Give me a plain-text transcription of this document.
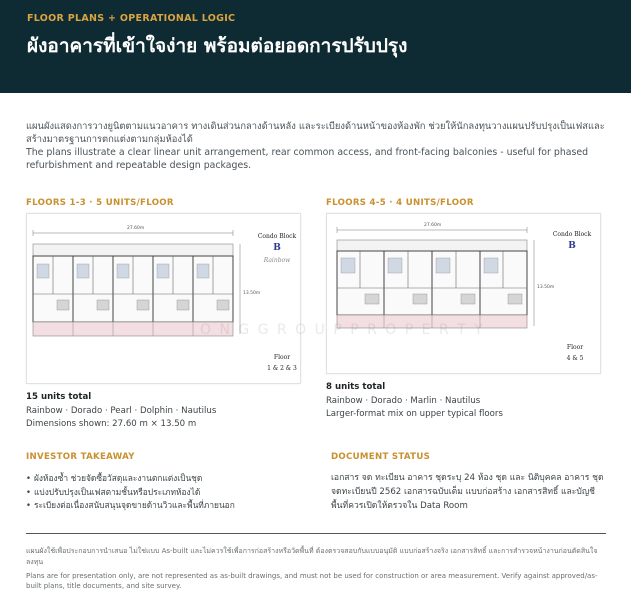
FLOOR PLANS + OPERATIONAL LOGIC
ผังอาคารที่เข้าใจง่าย พร้อมต่อยอดการปรับปรุง

แผนผังแสดงการวางยูนิตตามแนวอาคาร ทางเดินส่วนกลางด้านหลัง และระเบียงด้านหน้าของห้องพัก ช่วยให้นักลงทุนวางแผนปรับปรุงเป็นเฟสและสร้างมาตรฐานการตกแต่งตามกลุ่มห้องได้

The plans illustrate a clear linear unit arrangement, rear common access, and front-facing balconies - useful for phased refurbishment and repeatable design packages.

FLOORS 1-3 · 5 UNITS/FLOOR
27.60m
13.50m
Condo Block
B
Rainbow
Floor
1 & 2 & 3
15 units total
Rainbow · Dorado · Pearl · Dolphin · Nautilus
Dimensions shown: 27.60 m × 13.50 m
FLOORS 4-5 · 4 UNITS/FLOOR
27.60m
13.50m
Condo Block
B
Floor
4 & 5
8 units total
Rainbow · Dorado · Marlin · Nautilus
Larger-format mix on upper typical floors
O N G G R O U P P R O P E R T Y
INVESTOR TAKEAWAY
• ผังห้องซ้ำ ช่วยจัดซื้อวัสดุและงานตกแต่งเป็นชุด
• แบ่งปรับปรุงเป็นเฟสตามชั้นหรือประเภทห้องได้
• ระเบียงต่อเนื่องสนับสนุนจุดขายด้านวิวและพื้นที่ภายนอก
DOCUMENT STATUS
เอกสาร จด ทะเบียน อาคาร ชุดระบุ 24 ห้อง ชุด และ นิติบุคคล อาคาร ชุด จดทะเบียนปี 2562 เอกสารฉบับเต็ม แบบก่อสร้าง เอกสารสิทธิ์ และบัญชีพื้นที่ควรเปิดให้ตรวจใน Data Room

แผนผังใช้เพื่อประกอบการนำเสนอ ไม่ใช่แบบ As-built และไม่ควรใช้เพื่อการก่อสร้างหรือวัดพื้นที่ ต้องตรวจสอบกับแบบอนุมัติ แบบก่อสร้างจริง เอกสารสิทธิ์ และการสำรวจหน้างานก่อนตัดสินใจลงทุน

Plans are for presentation only, are not represented as as-built drawings, and must not be used for construction or area measurement. Verify against approved/as-built plans, title documents, and site survey.
